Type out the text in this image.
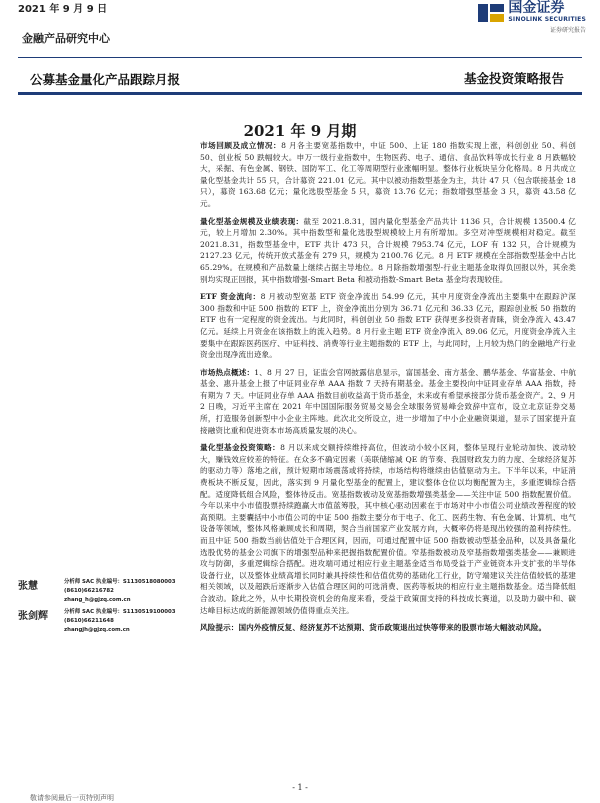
2021 年 9 月 9 日
金融产品研究中心
国金证券
SINOLINK SECURITIES
证券研究报告
公募基金量化产品跟踪月报	基金投资策略报告
2021 年 9 月期

市场回顾及成立情况：8 月各主要宽基指数中，中证 500、上证 180 指数实现上涨，科创创业 50、科创 50、创业板 50 跌幅较大。申万一级行业指数中，生物医药、电子、通信、食品饮料等成长行业 8 月跌幅较大，采掘、有色金属、钢铁、国防军工、化工等周期型行业涨幅明显。整体行业板块呈分化格局。8 月共成立量化型基金共计 55 只，合计募资 221.01 亿元。其中以被动指数型基金为主，共计 47 只（包含联接基金 18 只），募资 163.68 亿元；量化选股型基金 5 只，募资 13.76 亿元；指数增强型基金 3 只，募资 43.58 亿元。

量化型基金规模及业绩表现：截至 2021.8.31，国内量化型基金产品共计 1136 只，合计规模 13500.4 亿元，较上月增加 2.30%。其中指数型和量化选股型规模较上月有所增加。多空对冲型规模相对稳定。截至 2021.8.31，指数型基金中，ETF 共计 473 只，合计规模 7953.74 亿元，LOF 有 132 只，合计规模为 2127.23 亿元，传统开放式基金有 279 只，规模为 2100.76 亿元。8 月 ETF 规模在全部指数型基金中占比 65.29%。在规模和产品数量上继续占据主导地位。8 月除指数增强型-行业主题基金取得负回报以外，其余类别均实现正回报，其中指数增强-Smart Beta 和被动指数-Smart Beta 基金均表现较佳。

ETF 资金流向：8 月被动型宽基 ETF 资金净流出 54.99 亿元，其中月度资金净流出主要集中在跟踪沪深 300 指数和中证 500 指数的 ETF 上，资金净流出分别为 36.71 亿元和 36.33 亿元，跟踪创业板 50 指数的 ETF 也有一定程度的资金流出。与此同时，科创创业 50 指数 ETF 获得更多投资者青睐，资金净流入 43.47 亿元。延续上月资金在该指数上的流入趋势。8 月行业主题 ETF 资金净流入 89.06 亿元，月度资金净流入主要集中在跟踪医药医疗、中证科技、消费等行业主题指数的 ETF 上，与此同时，上月较为热门的金融地产行业资金出现净流出迹象。

市场热点概述：1、8 月 27 日，证监会官网披露信息显示，富国基金、南方基金、鹏华基金、华富基金、中航基金、惠升基金上报了中证同业存单 AAA 指数 7 天持有期基金。基金主要投向中证同业存单 AAA 指数，持有期为 7 天。中证同业存单 AAA 指数目前收益高于货币基金，未来或有希望承接部分货币基金资产。2、9 月 2 日晚，习近平主席在 2021 年中国国际服务贸易交易会全球服务贸易峰会致辞中宣布，设立北京证券交易所，打造服务创新型中小企业主阵地。此次北交所设立，进一步增加了中小企业融资渠道，显示了国家提升直接融资比重和促进资本市场高质量发展的决心。

量化型基金投资策略：8 月以来成交额持续维持高位，但波动小较小区间，整体呈现行业轮动加快、波动较大，赚钱效应较差的特征。在众多不确定因素（美联储缩减 QE 的节奏、我国财政发力的力度、全球经济复苏的驱动力等）落地之前，预计短期市场震荡或将持续，市场结构将继续由估值驱动为主。下半年以来，中证消费板块不断反复，因此，落实到 9 月量化型基金的配置上，建议整体仓位以均衡配置为主，多重逻辑综合搭配。适度降低组合风险，整体待反击。宽基指数被动及宽基指数增强类基金——关注中证 500 指数配置价值。今年以来中小市值股票持续跑赢大市值蓝筹股，其中核心驱动因素在于市场对中小市值公司业绩改善程度的较高预期。主要囊括中小市值公司的中证 500 指数主要分布于电子、化工、医药生物、有色金属、计算机、电气设备等领域，整体风格兼顾成长和周期，契合当前国家产业发展方向，大概率仍将是现出较强的盈利持续性。而且中证 500 指数当前估值处于合理区间，因而，可通过配置中证 500 指数被动型基金品种，以及具备量化选股优势的基金公司旗下的增强型品种来把握指数配置价值。窄基指数被动及窄基指数增强类基金——兼顾进攻与防御，多重逻辑综合搭配。进攻端可通过相应行业主题基金适当布局受益于产业链资本升支扩张的半导体设备行业，以及整体业绩高增长同时兼具持续性和估值优势的基础化工行业，防守端建议关注估值较低的基建相关领域，以及超跌后逐渐步入估值合理区间的可选消费、医药等板块的相应行业主题指数基金。适当降低组合波动。除此之外，从中长期投资机会的角度来看，受益于政策面支持的科技成长赛道，以及助力碳中和、碳达峰目标达成的新能源领域仍值得重点关注。

风险提示：国内外疫情反复、经济复苏不达预期、货币政策退出过快等带来的股票市场大幅波动风险。

张慧	分析师 SAC 执业编号：S1130518080003
(8610)66216782
zhang_h@gjzq.com.cn
张剑辉	分析师 SAC 执业编号：S1130519100003
(8610)66211648
zhangjh@gjzq.com.cn
- 1 -
敬请参阅最后一页特别声明
